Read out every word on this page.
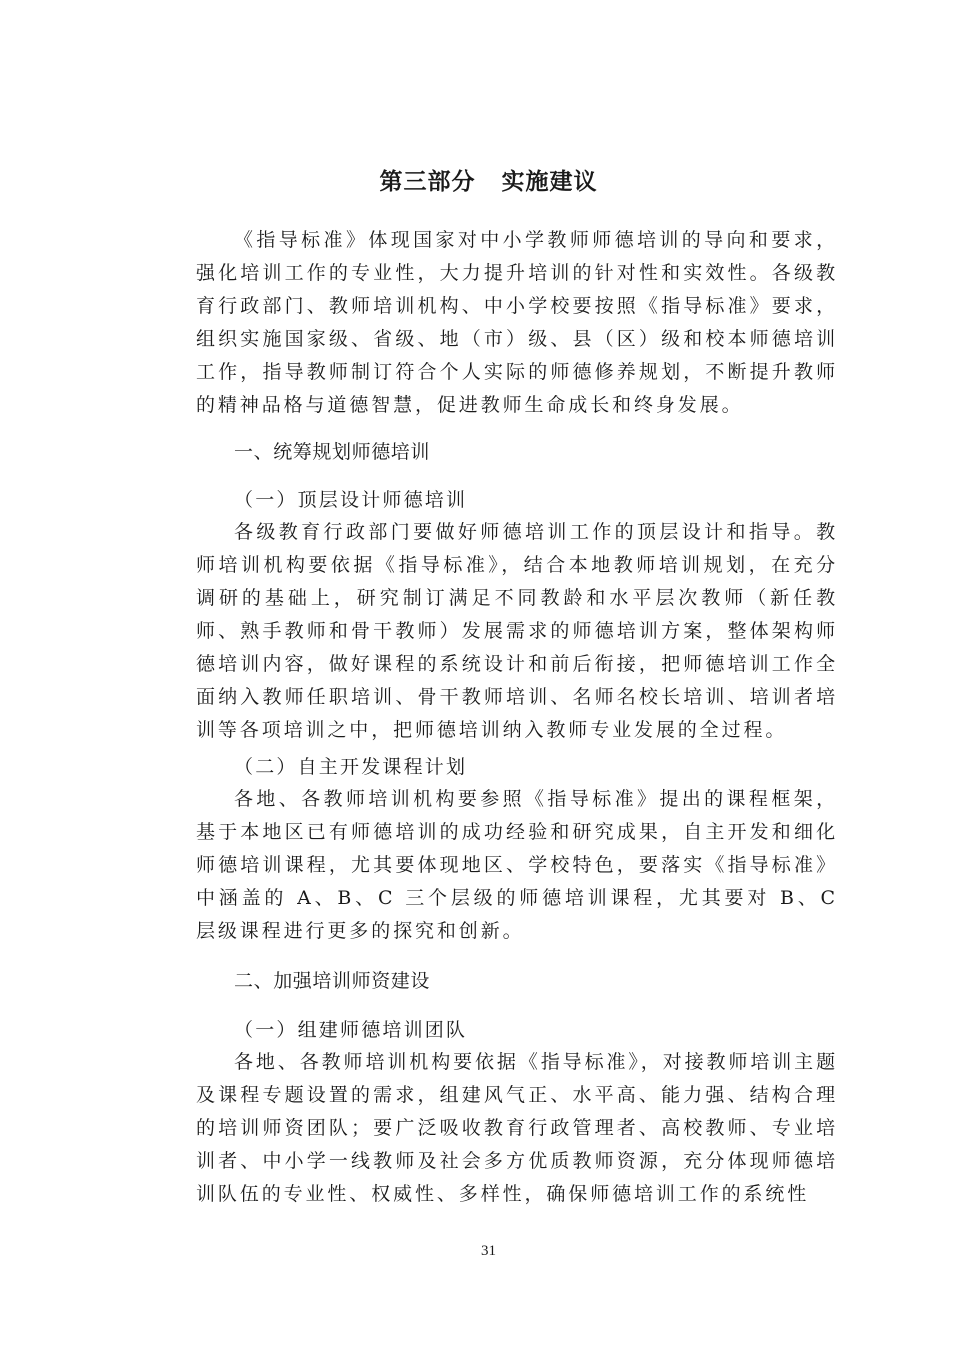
第三部分 实施建议

《指导标准》体现国家对中小学教师师德培训的导向和要求，强化培训工作的专业性，大力提升培训的针对性和实效性。各级教育行政部门、教师培训机构、中小学校要按照《指导标准》要求，组织实施国家级、省级、地（市）级、县（区）级和校本师德培训工作，指导教师制订符合个人实际的师德修养规划，不断提升教师的精神品格与道德智慧，促进教师生命成长和终身发展。

一、统筹规划师德培训

（一）顶层设计师德培训

各级教育行政部门要做好师德培训工作的顶层设计和指导。教师培训机构要依据《指导标准》，结合本地教师培训规划，在充分调研的基础上，研究制订满足不同教龄和水平层次教师（新任教师、熟手教师和骨干教师）发展需求的师德培训方案，整体架构师德培训内容，做好课程的系统设计和前后衔接，把师德培训工作全面纳入教师任职培训、骨干教师培训、名师名校长培训、培训者培训等各项培训之中，把师德培训纳入教师专业发展的全过程。

（二）自主开发课程计划

各地、各教师培训机构要参照《指导标准》提出的课程框架，基于本地区已有师德培训的成功经验和研究成果，自主开发和细化师德培训课程，尤其要体现地区、学校特色，要落实《指导标准》中涵盖的 A、B、C 三个层级的师德培训课程，尤其要对 B、C 层级课程进行更多的探究和创新。

二、加强培训师资建设

（一）组建师德培训团队

各地、各教师培训机构要依据《指导标准》，对接教师培训主题及课程专题设置的需求，组建风气正、水平高、能力强、结构合理的培训师资团队；要广泛吸收教育行政管理者、高校教师、专业培训者、中小学一线教师及社会多方优质教师资源，充分体现师德培训队伍的专业性、权威性、多样性，确保师德培训工作的系统性

31
